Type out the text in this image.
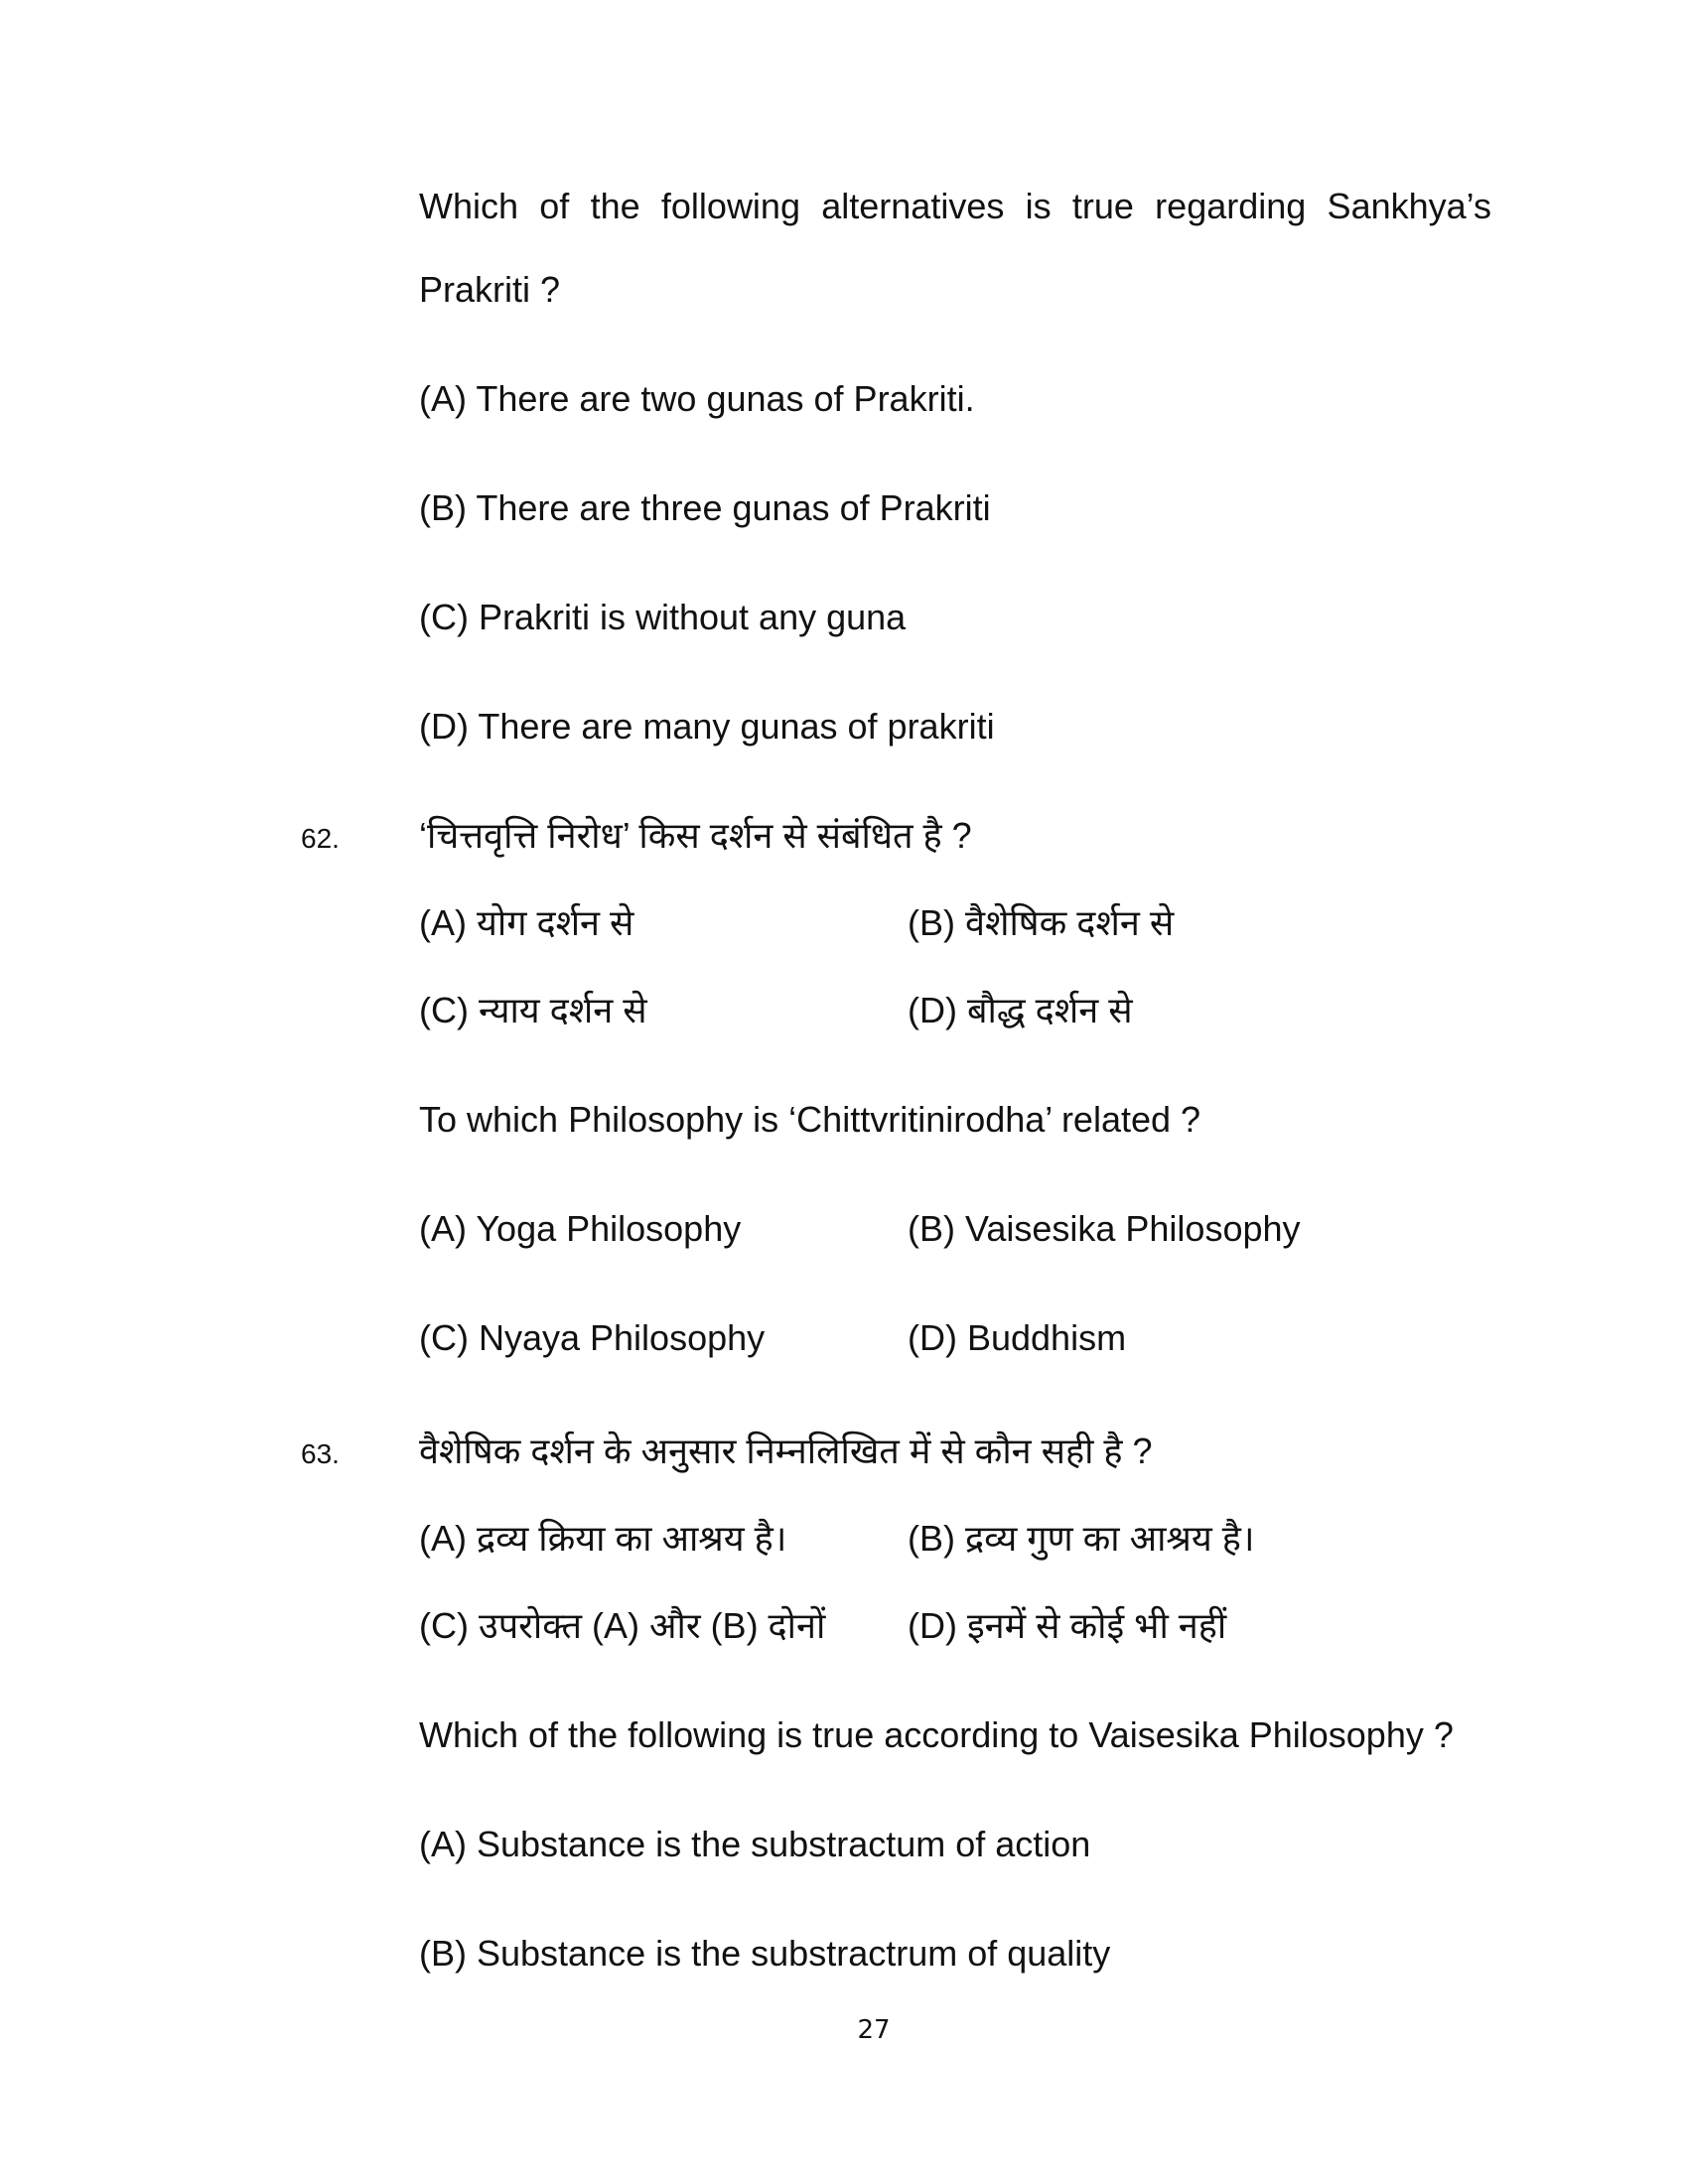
Which of the following alternatives is true regarding Sankhya’s
Prakriti ?
(A) There are two gunas of Prakriti.
(B) There are three gunas of Prakriti
(C) Prakriti is without any guna
(D) There are many gunas of prakriti
62. ‘चित्तवृत्ति निरोध’ किस दर्शन से संबंधित है ?
(A) योग दर्शन से	(B) वैशेषिक दर्शन से
(C) न्याय दर्शन से	(D) बौद्ध दर्शन से
To which Philosophy is ‘Chittvritinirodha’ related ?
(A) Yoga Philosophy	(B) Vaisesika Philosophy
(C) Nyaya Philosophy	(D) Buddhism
63. वैशेषिक दर्शन के अनुसार निम्नलिखित में से कौन सही है ?
(A) द्रव्य क्रिया का आश्रय है।	(B) द्रव्य गुण का आश्रय है।
(C) उपरोक्त (A) और (B) दोनों (D) इनमें से कोई भी नहीं
Which of the following is true according to Vaisesika Philosophy ?
(A) Substance is the substractum of action
(B) Substance is the substractrum of quality
27
